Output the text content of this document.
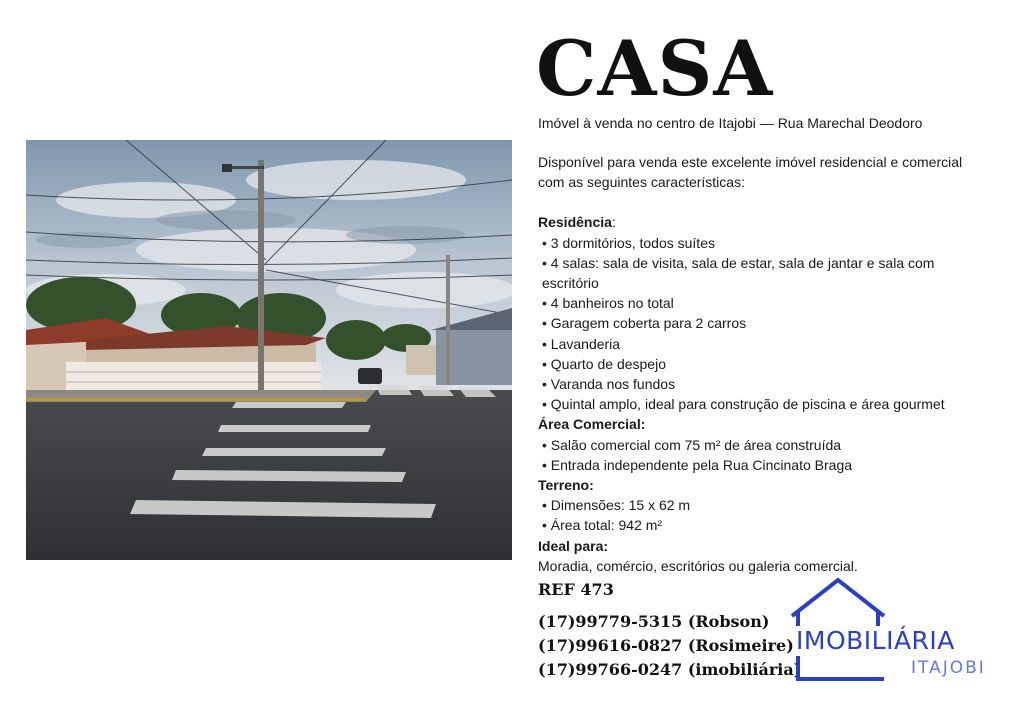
CASA
Imóvel à venda no centro de Itajobi — Rua Marechal Deodoro

Disponível para venda este excelente imóvel residencial e comercial com as seguintes características:

Residência:

• 3 dormitórios, todos suítes
• 4 salas: sala de visita, sala de estar, sala de jantar e sala com escritório
• 4 banheiros no total
• Garagem coberta para 2 carros
• Lavanderia
• Quarto de despejo
• Varanda nos fundos
• Quintal amplo, ideal para construção de piscina e área gourmet

Área Comercial:

• Salão comercial com 75 m² de área construída
• Entrada independente pela Rua Cincinato Braga

Terreno:

• Dimensões: 15 x 62 m
• Área total: 942 m²

Ideal para:

Moradia, comércio, escritórios ou galeria comercial.

REF 473
(17)99779-5315 (Robson)
(17)99616-0827 (Rosimeire)
(17)99766-0247 (imobiliária)
IMOBILIÁRIA
ITAJOBI
